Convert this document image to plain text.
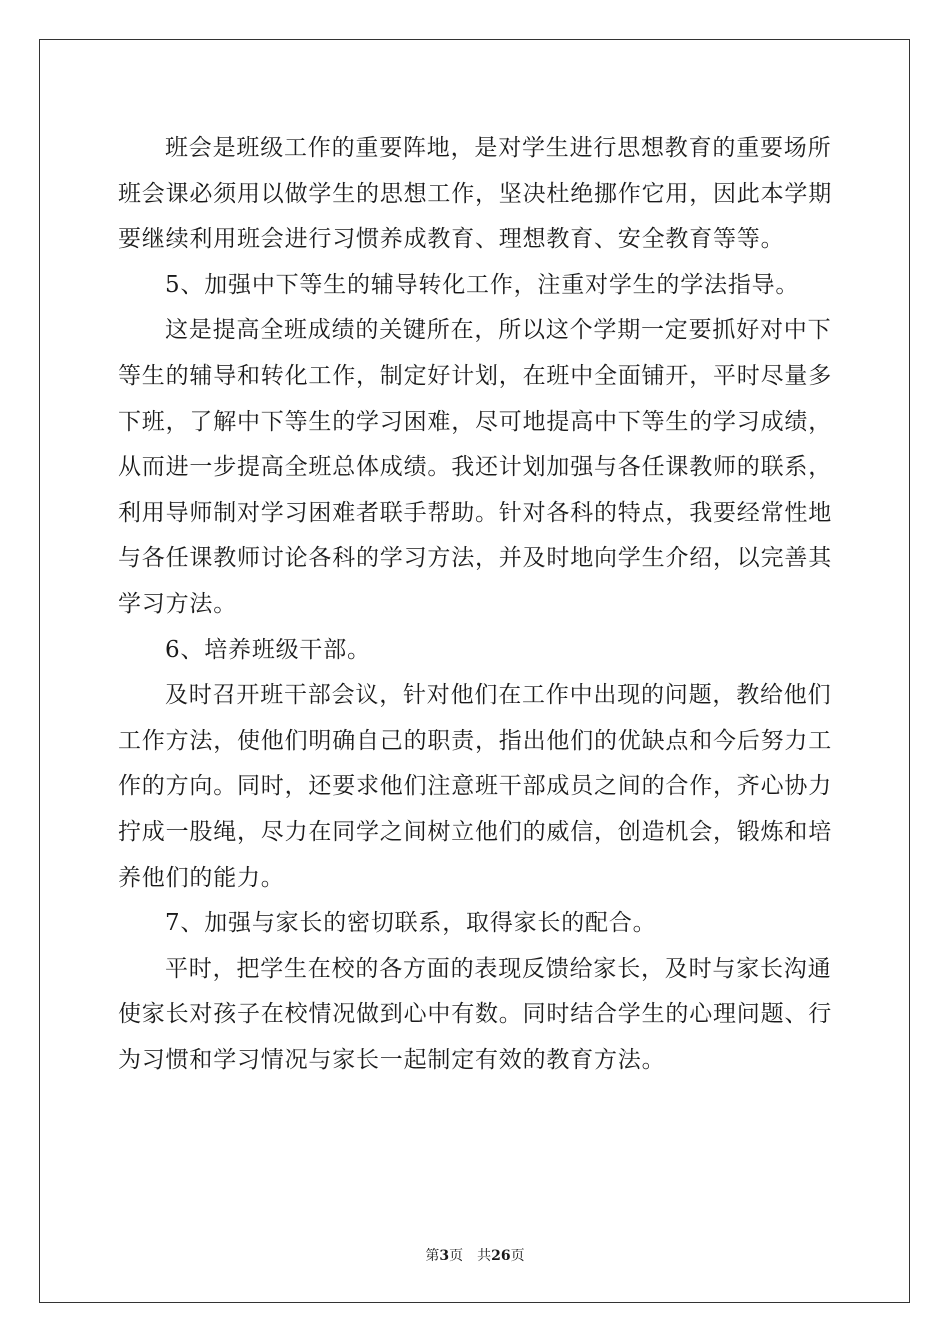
班会是班级工作的重要阵地，是对学生进行思想教育的重要场所
班会课必须用以做学生的思想工作，坚决杜绝挪作它用，因此本学期
要继续利用班会进行习惯养成教育、理想教育、安全教育等等。
5、加强中下等生的辅导转化工作，注重对学生的学法指导。
这是提高全班成绩的关键所在，所以这个学期一定要抓好对中下
等生的辅导和转化工作，制定好计划，在班中全面铺开，平时尽量多
下班，了解中下等生的学习困难，尽可地提高中下等生的学习成绩，
从而进一步提高全班总体成绩。我还计划加强与各任课教师的联系，
利用导师制对学习困难者联手帮助。针对各科的特点，我要经常性地
与各任课教师讨论各科的学习方法，并及时地向学生介绍，以完善其
学习方法。
6、培养班级干部。
及时召开班干部会议，针对他们在工作中出现的问题，教给他们
工作方法，使他们明确自己的职责，指出他们的优缺点和今后努力工
作的方向。同时，还要求他们注意班干部成员之间的合作，齐心协力
拧成一股绳，尽力在同学之间树立他们的威信，创造机会，锻炼和培
养他们的能力。
7、加强与家长的密切联系，取得家长的配合。
平时，把学生在校的各方面的表现反馈给家长，及时与家长沟通
使家长对孩子在校情况做到心中有数。同时结合学生的心理问题、行
为习惯和学习情况与家长一起制定有效的教育方法。
第3页 共26页
